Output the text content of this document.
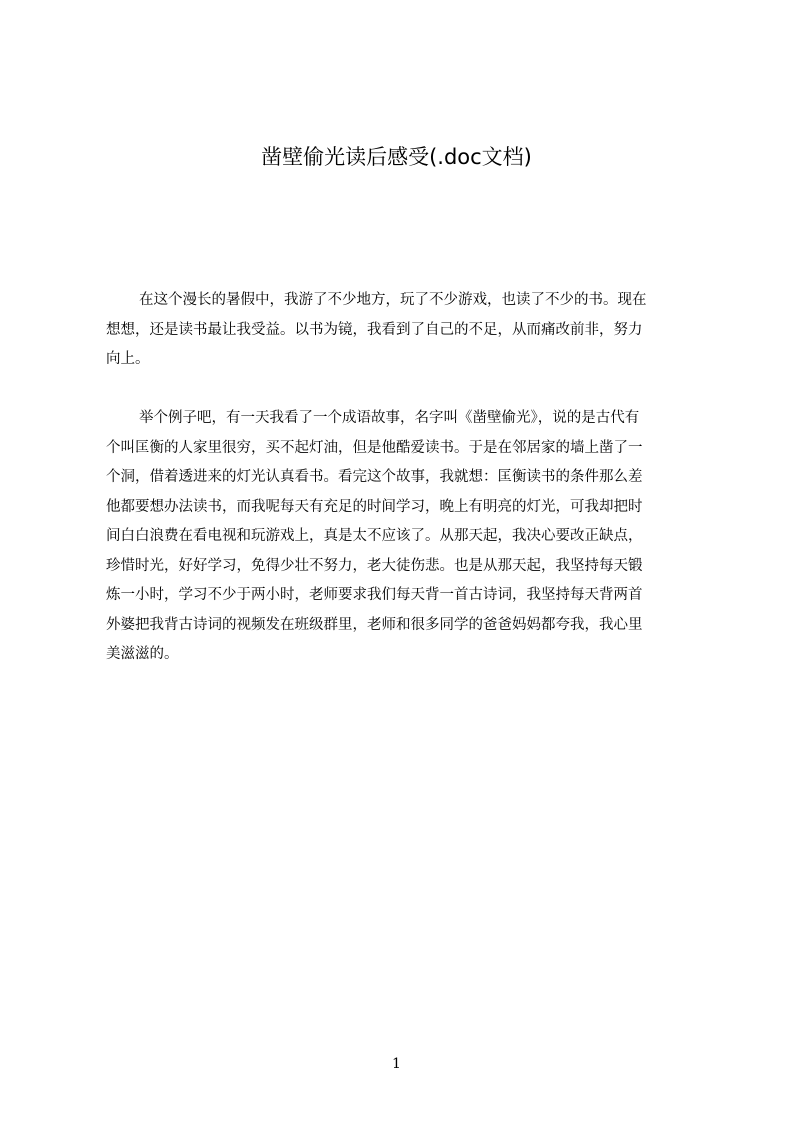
凿壁偷光读后感受(.doc文档)

在这个漫长的暑假中，我游了不少地方，玩了不少游戏，也读了不少的书。现在
想想，还是读书最让我受益。以书为镜，我看到了自己的不足，从而痛改前非，努力
向上。

举个例子吧，有一天我看了一个成语故事，名字叫《凿壁偷光》，说的是古代有
个叫匡衡的人家里很穷，买不起灯油，但是他酷爱读书。于是在邻居家的墙上凿了一
个洞，借着透进来的灯光认真看书。看完这个故事，我就想：匡衡读书的条件那么差
他都要想办法读书，而我呢每天有充足的时间学习，晚上有明亮的灯光，可我却把时
间白白浪费在看电视和玩游戏上，真是太不应该了。从那天起，我决心要改正缺点，
珍惜时光，好好学习，免得少壮不努力，老大徒伤悲。也是从那天起，我坚持每天锻
炼一小时，学习不少于两小时，老师要求我们每天背一首古诗词，我坚持每天背两首
外婆把我背古诗词的视频发在班级群里，老师和很多同学的爸爸妈妈都夸我，我心里
美滋滋的。

1
